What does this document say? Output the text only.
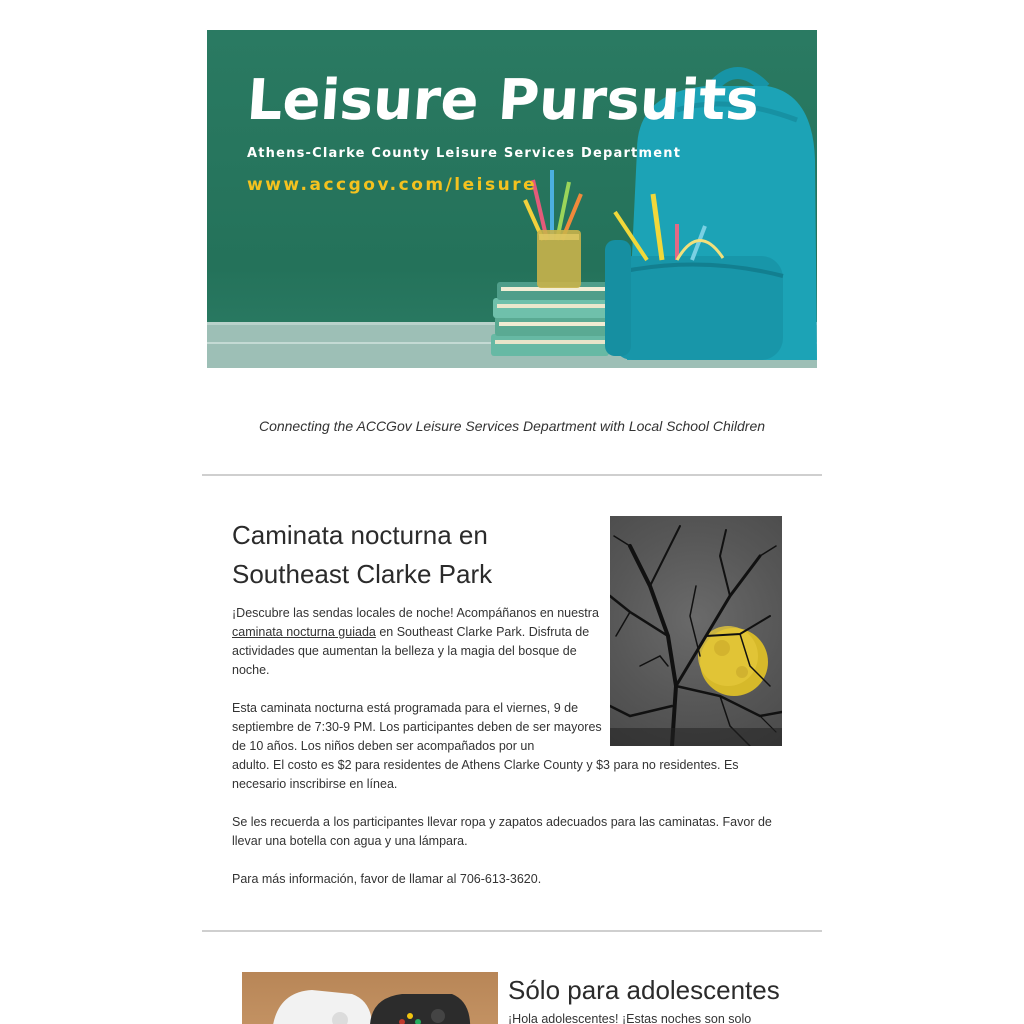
Leisure Pursuits
Athens-Clarke County Leisure Services Department
www.accgov.com/leisure
Connecting the ACCGov Leisure Services Department with Local School Children
Caminata nocturna en
Southeast Clarke Park
¡Descubre las sendas locales de noche! Acompáñanos en nuestra caminata nocturna guiada en Southeast Clarke Park. Disfruta de actividades que aumentan la belleza y la magia del bosque de noche.
Esta caminata nocturna está programada para el viernes, 9 de septiembre de 7:30-9 PM. Los participantes deben de ser mayores de 10 años. Los niños deben ser acompañados por un
adulto. El costo es $2 para residentes de Athens Clarke County y $3 para no residentes. Es necesario inscribirse en línea.
Se les recuerda a los participantes llevar ropa y zapatos adecuados para las caminatas. Favor de llevar una botella con agua y una lámpara.
Para más información, favor de llamar al 706-613-3620.
Sólo para adolescentes
¡Hola adolescentes! ¡Estas noches son solo
